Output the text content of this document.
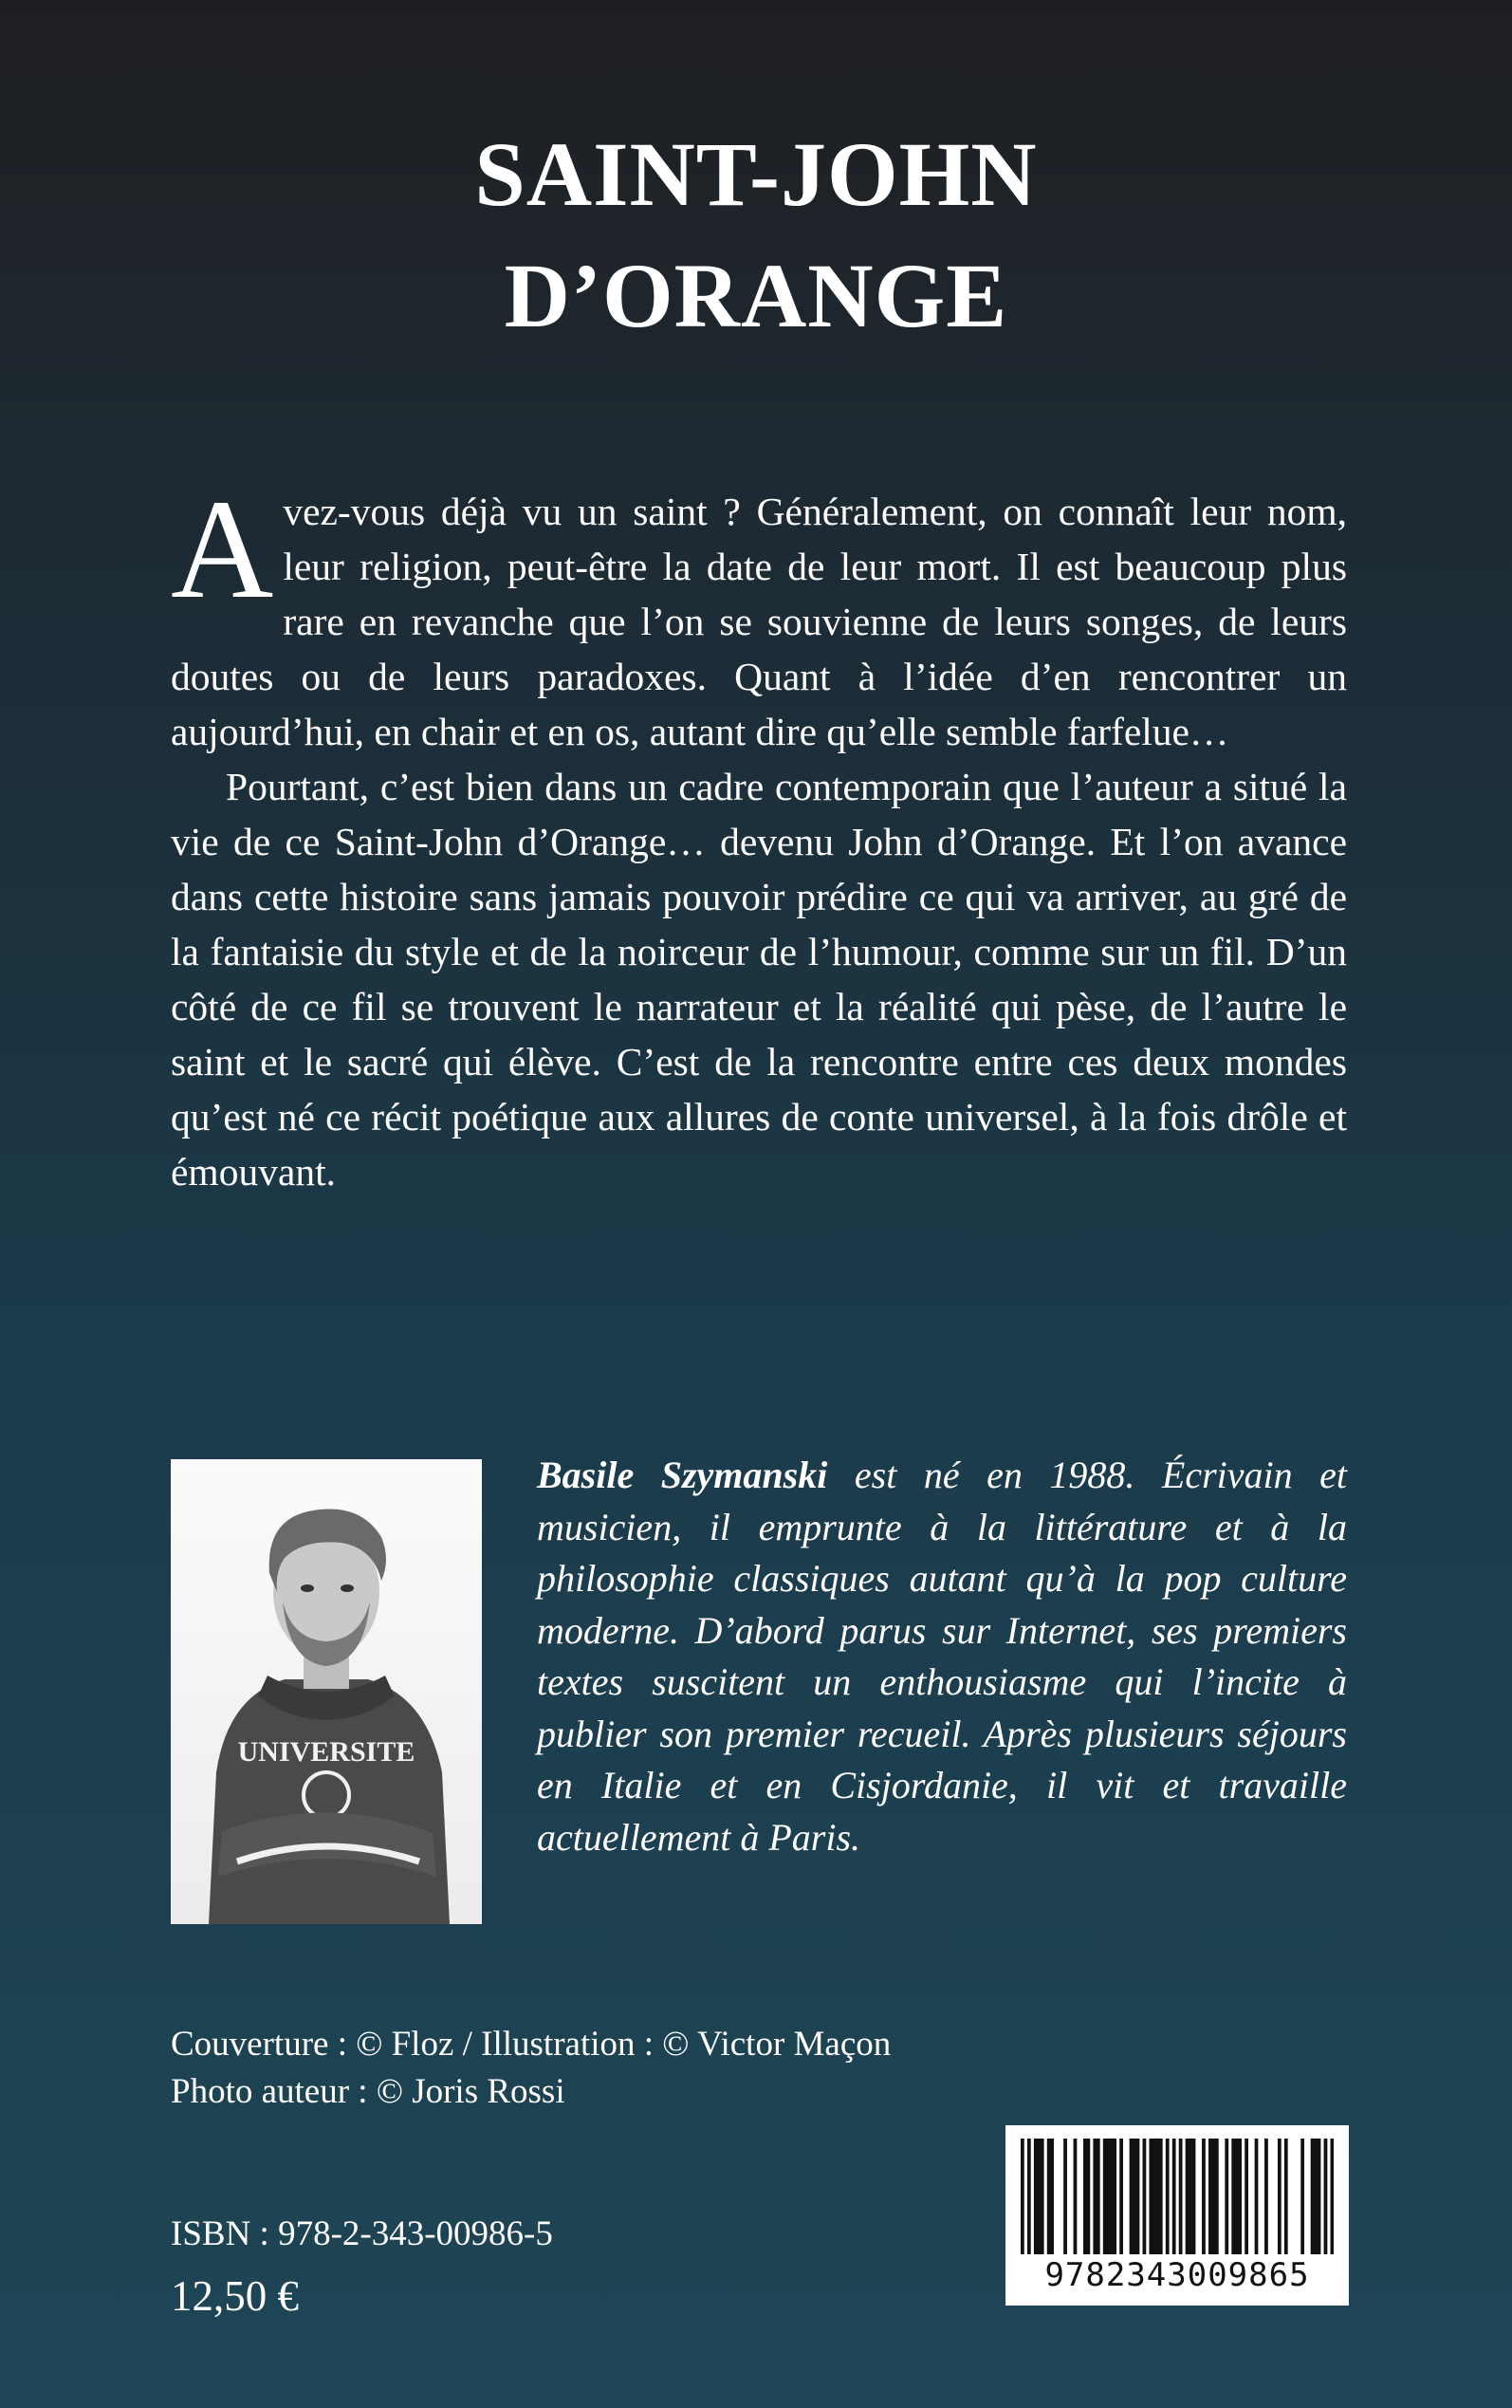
SAINT-JOHN
D’ORANGE

Avez-vous déjà vu un saint ? Généralement, on connaît leur nom, leur religion, peut-être la date de leur mort. Il est beaucoup plus rare en revanche que l’on se souvienne de leurs songes, de leurs doutes ou de leurs paradoxes. Quant à l’idée d’en rencontrer un aujourd’hui, en chair et en os, autant dire qu’elle semble farfelue…

Pourtant, c’est bien dans un cadre contemporain que l’auteur a situé la vie de ce Saint-John d’Orange… devenu John d’Orange. Et l’on avance dans cette histoire sans jamais pouvoir prédire ce qui va arriver, au gré de la fantaisie du style et de la noirceur de l’humour, comme sur un fil. D’un côté de ce fil se trouvent le narrateur et la réalité qui pèse, de l’autre le saint et le sacré qui élève. C’est de la rencontre entre ces deux mondes qu’est né ce récit poétique aux allures de conte universel, à la fois drôle et émouvant.

UNIVERSITE

Basile Szymanski est né en 1988. Écrivain et musicien, il emprunte à la littérature et à la philosophie classiques autant qu’à la pop culture moderne. D’abord parus sur Internet, ses premiers textes suscitent un enthousiasme qui l’incite à publier son premier recueil. Après plusieurs séjours en Italie et en Cisjordanie, il vit et travaille actuellement à Paris.

Couverture : © Floz / Illustration : © Victor Maçon
Photo auteur : © Joris Rossi
9782343009865
ISBN : 978-2-343-00986-5
12,50 €
